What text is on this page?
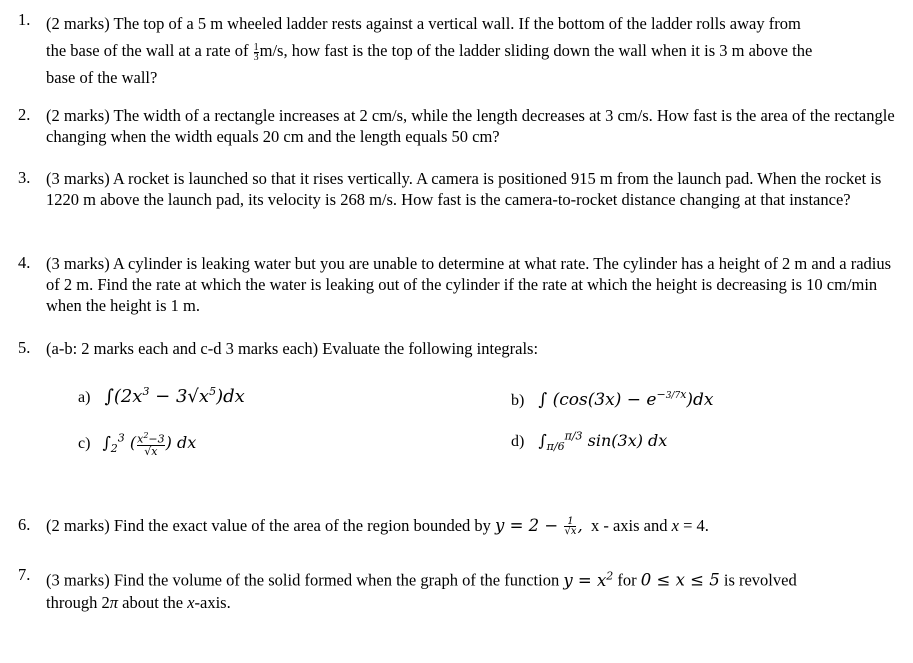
1. (2 marks) The top of a 5 m wheeled ladder rests against a vertical wall. If the bottom of the ladder rolls away from
the base of the wall at a rate of $\frac{1}{3} m/s$, how fast is the top of the ladder sliding down the wall when it is 3 m above the
base of the wall?
2. (2 marks) The width of a rectangle increases at 2 cm/s, while the length decreases at 3 cm/s. How fast is the area of the rectangle changing when the width equals 20 cm and the length equals 50 cm?
3. (3 marks) A rocket is launched so that it rises vertically. A camera is positioned 915 m from the launch pad. When the rocket is 1220 m above the launch pad, its velocity is 268 m/s. How fast is the camera-to-rocket distance changing at that instance?
4. (3 marks) A cylinder is leaking water but you are unable to determine at what rate. The cylinder has a height of 2 m and a radius of 2 m. Find the rate at which the water is leaking out of the cylinder if the rate at which the height is decreasing is 10 cm/min when the height is 1 m.
5. (a-b: 2 marks each and c-d 3 marks each) Evaluate the following integrals:
a) $\int(2x^3 - 3√x^5)dx$	b) ∫ $(\cos(3x) - e^{-3/7x})dx$
c) $\int_2^3$ ( $\frac{x^2-3}{√x}$ ) dx	d) $\int_{\pi/6}^{\pi/3}$ sin(3x) dx
6. (2 marks) Find the exact value of the area of the region bounded by $y = 2 - \frac{1}{√x}$ , x - axis and x = 4.
7. (3 marks) Find the volume of the solid formed when the graph of the function $y = x^2$ for 0 ≤ x ≤ 5 is revolved
through 2π about the x-axis.
